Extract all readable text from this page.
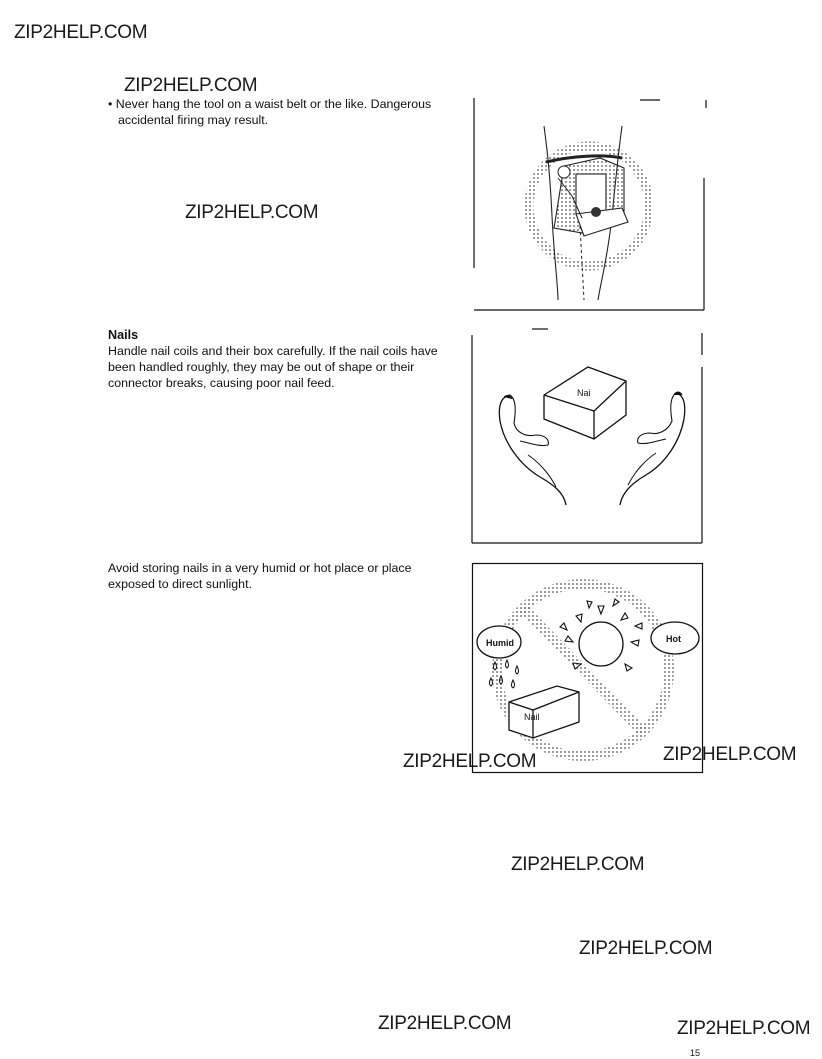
ZIP2HELP.COM
ZIP2HELP.COM
ZIP2HELP.COM
ZIP2HELP.COM	ZIP2HELP.COM
ZIP2HELP.COM
ZIP2HELP.COM
ZIP2HELP.COM	ZIP2HELP.COM
• Never hang the tool on a waist belt or the like. Dangerous
accidental firing may result.
Nails
Handle nail coils and their box carefully. If the nail coils have
been handled roughly, they may be out of shape or their
connector breaks, causing poor nail feed.
Nai
Avoid storing nails in a very humid or hot place or place
exposed to direct sunlight.
Humid	Hot
Nail
15
